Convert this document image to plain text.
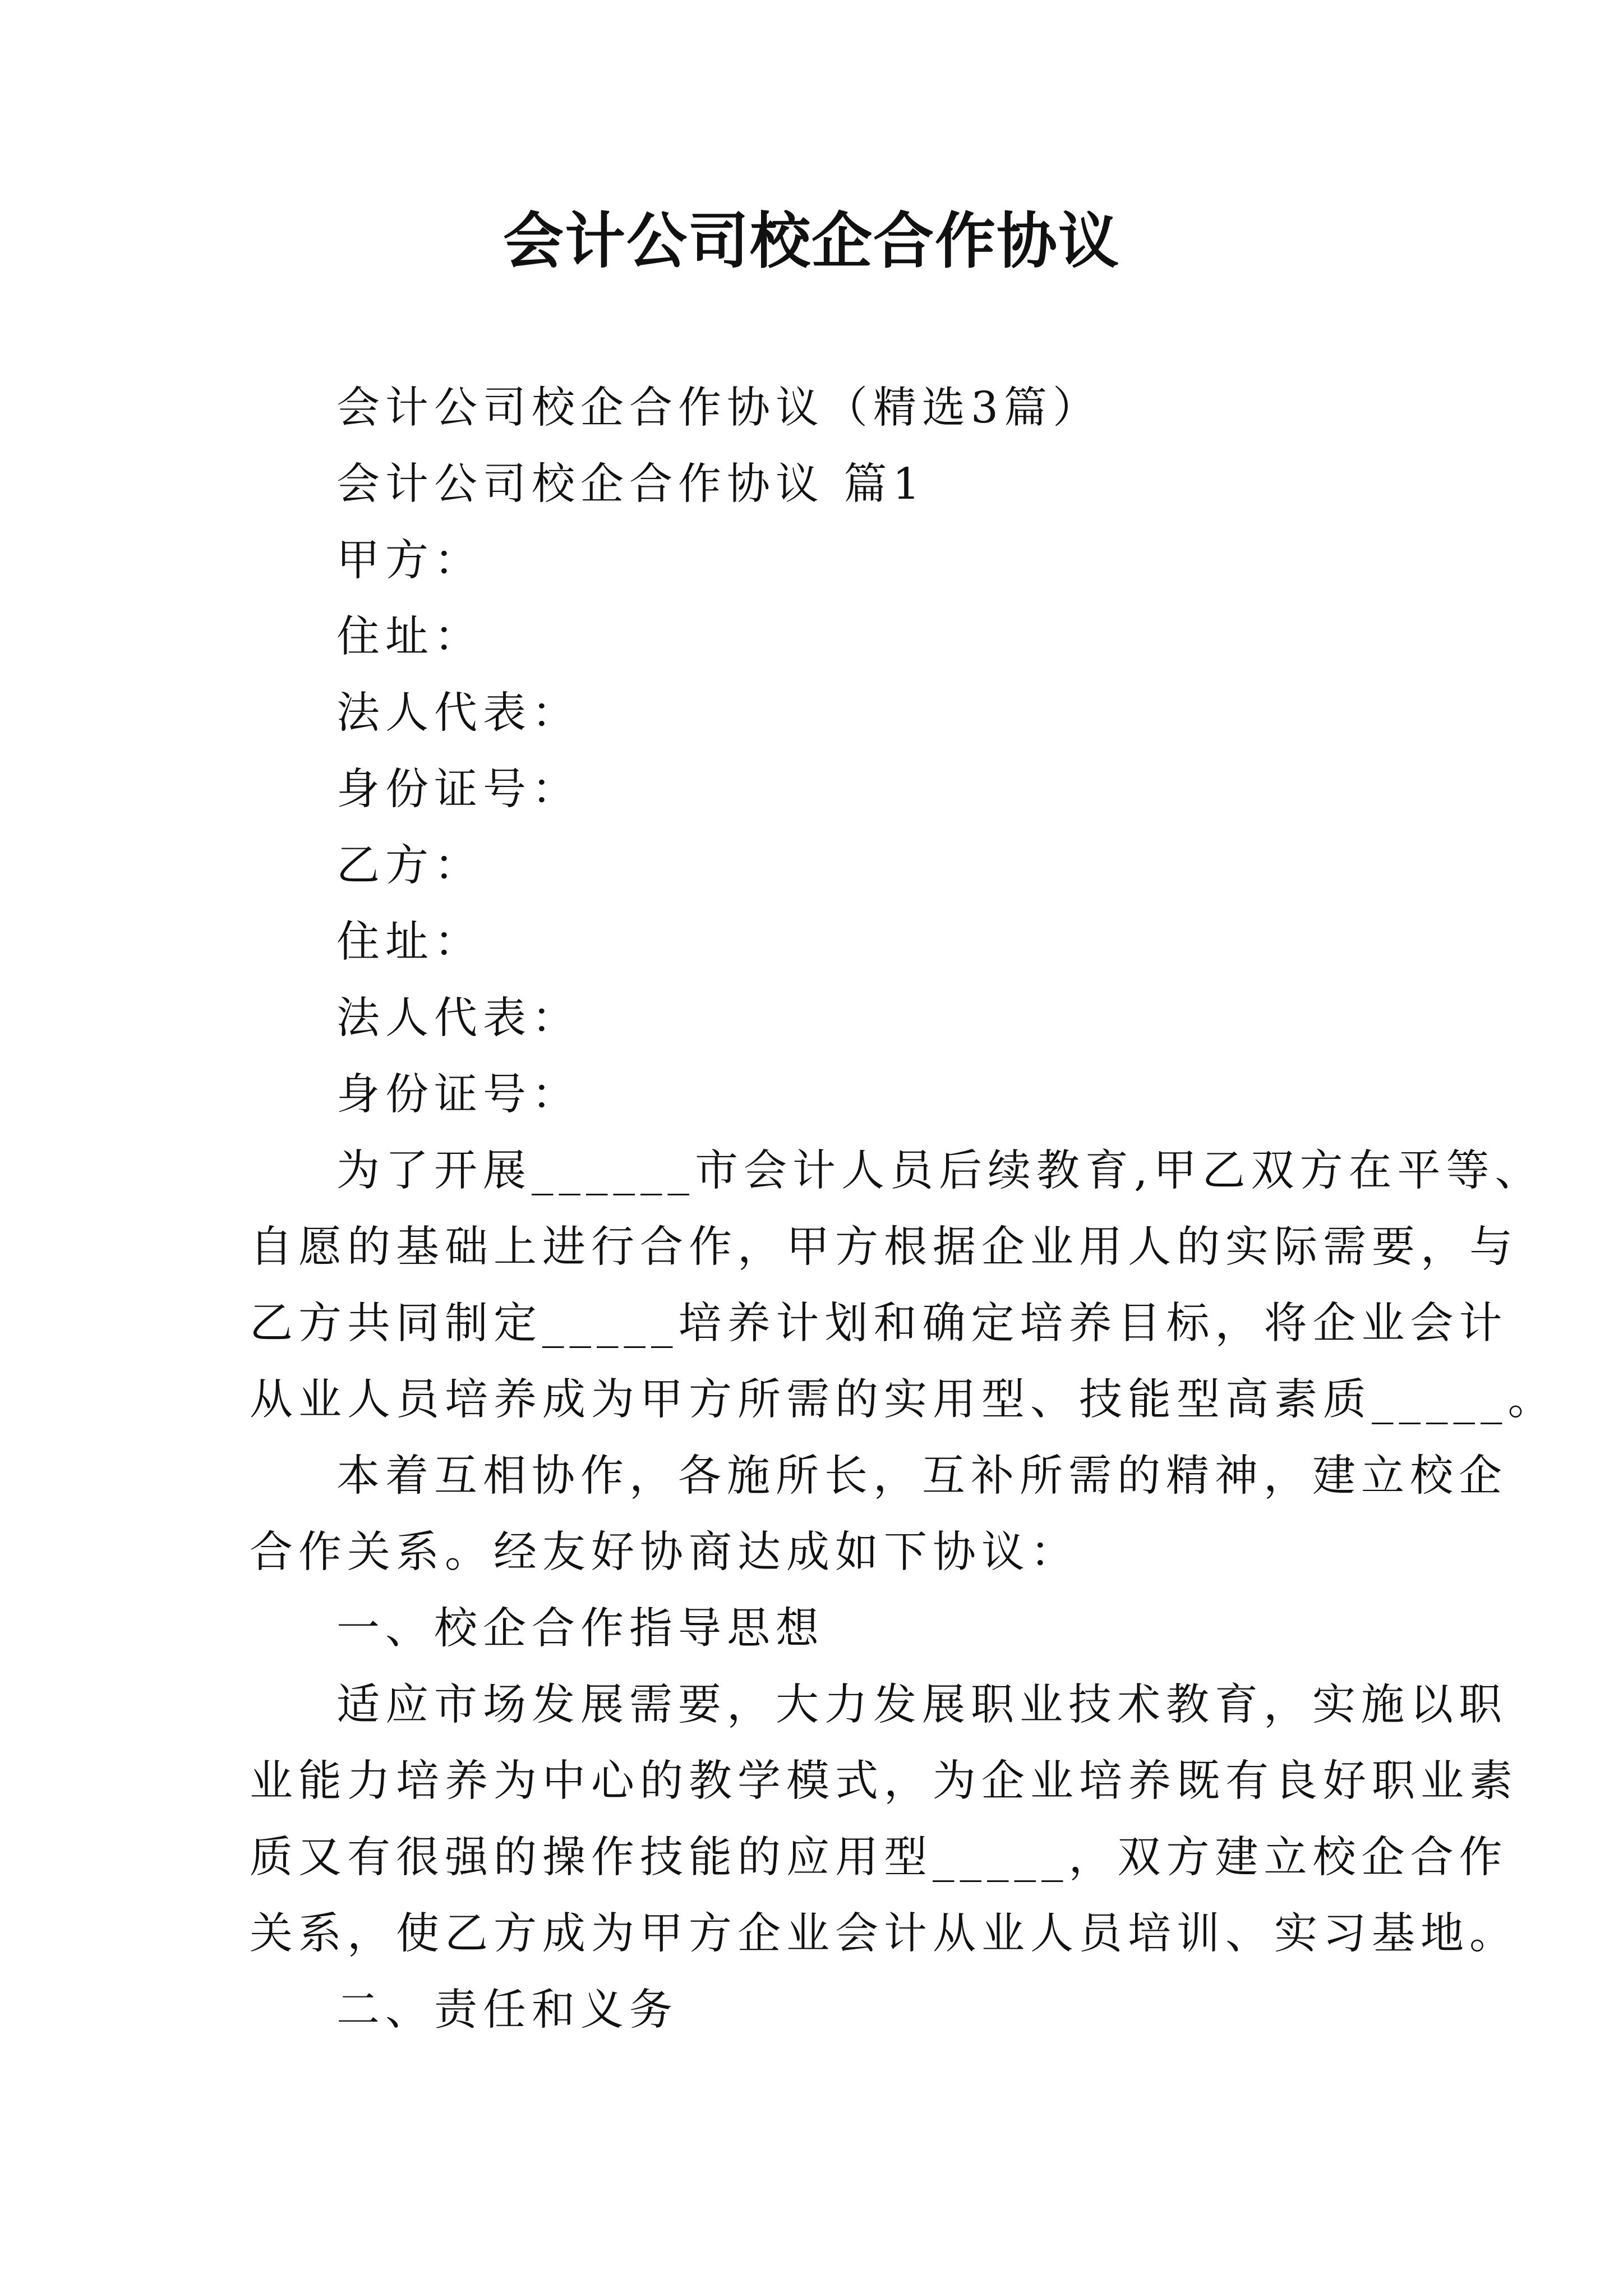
会计公司校企合作协议
会计公司校企合作协议（精选3篇）
会计公司校企合作协议 篇1
甲方：
住址：
法人代表：
身份证号：
乙方：
住址：
法人代表：
身份证号：
为了开展______市会计人员后续教育,甲乙双方在平等、
自愿的基础上进行合作，甲方根据企业用人的实际需要，与
乙方共同制定_____培养计划和确定培养目标，将企业会计
从业人员培养成为甲方所需的实用型、技能型高素质_____。
本着互相协作，各施所长，互补所需的精神，建立校企
合作关系。经友好协商达成如下协议：
一、校企合作指导思想
适应市场发展需要，大力发展职业技术教育，实施以职
业能力培养为中心的教学模式，为企业培养既有良好职业素
质又有很强的操作技能的应用型_____，双方建立校企合作
关系，使乙方成为甲方企业会计从业人员培训、实习基地。
二、责任和义务
